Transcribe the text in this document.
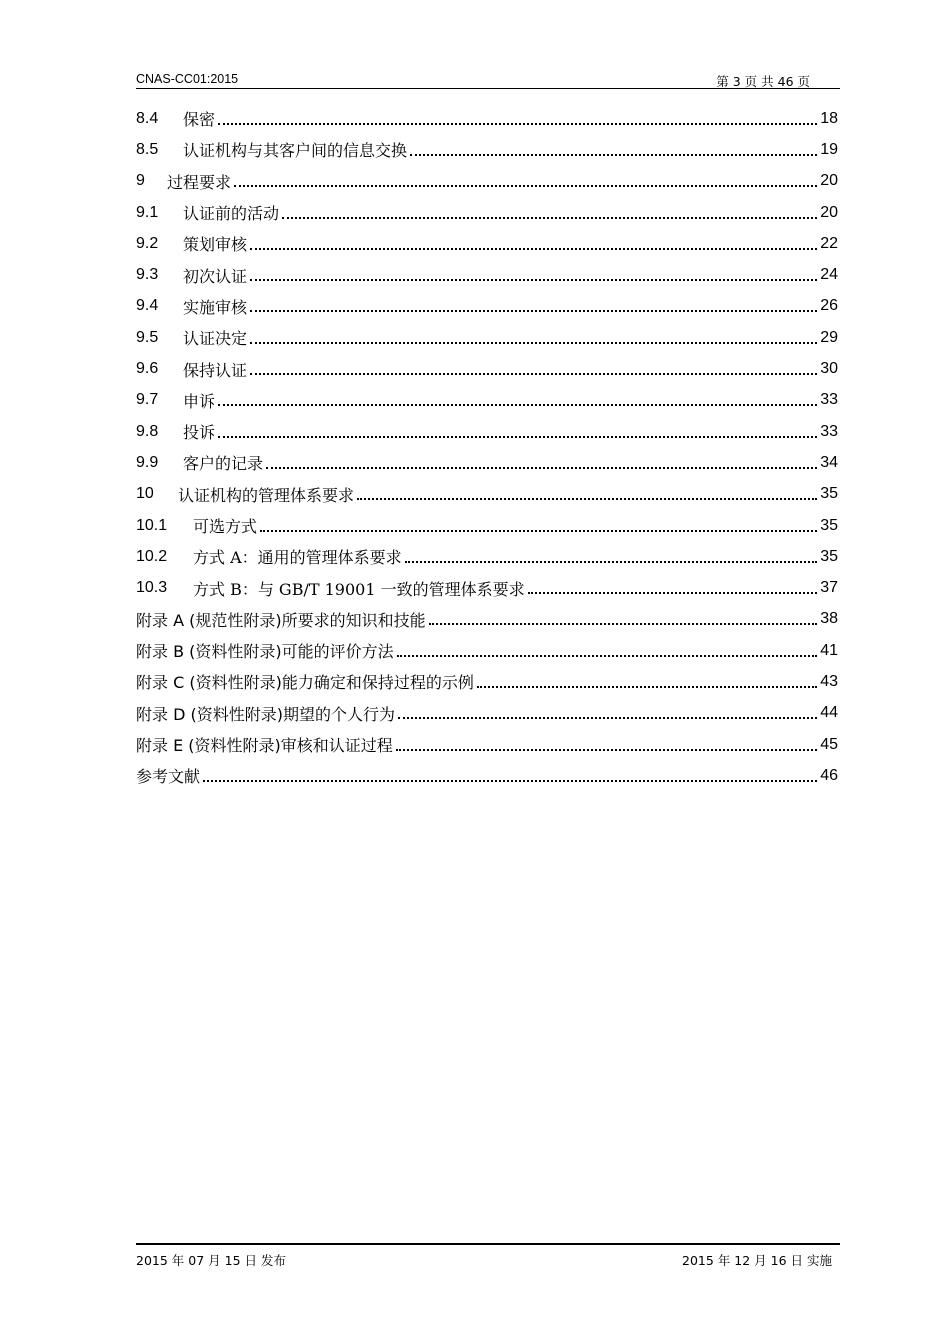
CNAS-CC01:2015	第 3 页 共 46 页
8.4	保密	18
8.5	认证机构与其客户间的信息交换	19
9	过程要求	20
9.1	认证前的活动	20
9.2	策划审核	22
9.3	初次认证	24
9.4	实施审核	26
9.5	认证决定	29
9.6	保持认证	30
9.7	申诉	33
9.8	投诉	33
9.9	客户的记录	34
10	认证机构的管理体系要求	35
10.1	可选方式	35
10.2	方式 A：通用的管理体系要求	35
10.3	方式 B：与 GB/T 19001 一致的管理体系要求	37
附录 A (规范性附录)所要求的知识和技能	38
附录 B (资料性附录)可能的评价方法	41
附录 C (资料性附录)能力确定和保持过程的示例	43
附录 D (资料性附录)期望的个人行为	44
附录 E (资料性附录)审核和认证过程	45
参考文献	46
2015 年 07 月 15 日 发布	2015 年 12 月 16 日 实施
